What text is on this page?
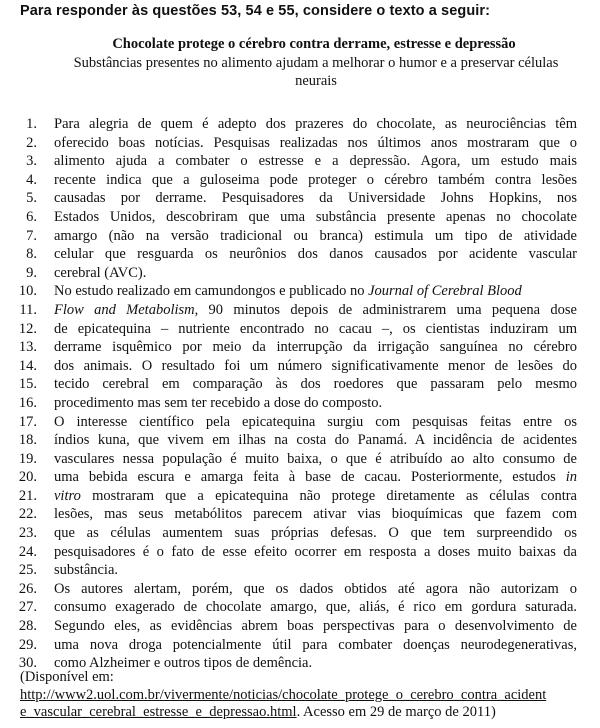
Para responder às questões 53, 54 e 55, considere o texto a seguir:
Chocolate protege o cérebro contra derrame, estresse e depressão
Substâncias presentes no alimento ajudam a melhorar o humor e a preservar células neurais
1. Para alegria de quem é adepto dos prazeres do chocolate, as neurociências têm
2. oferecido boas notícias. Pesquisas realizadas nos últimos anos mostraram que o
3. alimento ajuda a combater o estresse e a depressão. Agora, um estudo mais
4. recente indica que a guloseima pode proteger o cérebro também contra lesões
5. causadas por derrame. Pesquisadores da Universidade Johns Hopkins, nos
6. Estados Unidos, descobriram que uma substância presente apenas no chocolate
7. amargo (não na versão tradicional ou branca) estimula um tipo de atividade
8. celular que resguarda os neurônios dos danos causados por acidente vascular
9. cerebral (AVC).
10. No estudo realizado em camundongos e publicado no Journal of Cerebral Blood
11. Flow and Metabolism, 90 minutos depois de administrarem uma pequena dose
12. de epicatequina – nutriente encontrado no cacau –, os cientistas induziram um
13. derrame isquêmico por meio da interrupção da irrigação sanguínea no cérebro
14. dos animais. O resultado foi um número significativamente menor de lesões do
15. tecido cerebral em comparação às dos roedores que passaram pelo mesmo
16. procedimento mas sem ter recebido a dose do composto.
17. O interesse científico pela epicatequina surgiu com pesquisas feitas entre os
18. índios kuna, que vivem em ilhas na costa do Panamá. A incidência de acidentes
19. vasculares nessa população é muito baixa, o que é atribuído ao alto consumo de
20. uma bebida escura e amarga feita à base de cacau. Posteriormente, estudos in
21. vitro mostraram que a epicatequina não protege diretamente as células contra
22. lesões, mas seus metabólitos parecem ativar vias bioquímicas que fazem com
23. que as células aumentem suas próprias defesas. O que tem surpreendido os
24. pesquisadores é o fato de esse efeito ocorrer em resposta a doses muito baixas da
25. substância.
26. Os autores alertam, porém, que os dados obtidos até agora não autorizam o
27. consumo exagerado de chocolate amargo, que, aliás, é rico em gordura saturada.
28. Segundo eles, as evidências abrem boas perspectivas para o desenvolvimento de
29. uma nova droga potencialmente útil para combater doenças neurodegenerativas,
30. como Alzheimer e outros tipos de demência.
(Disponível em:
http://www2.uol.com.br/vivermente/noticias/chocolate_protege_o_cerebro_contra_acident
e_vascular_cerebral_estresse_e_depressao.html. Acesso em 29 de março de 2011)
